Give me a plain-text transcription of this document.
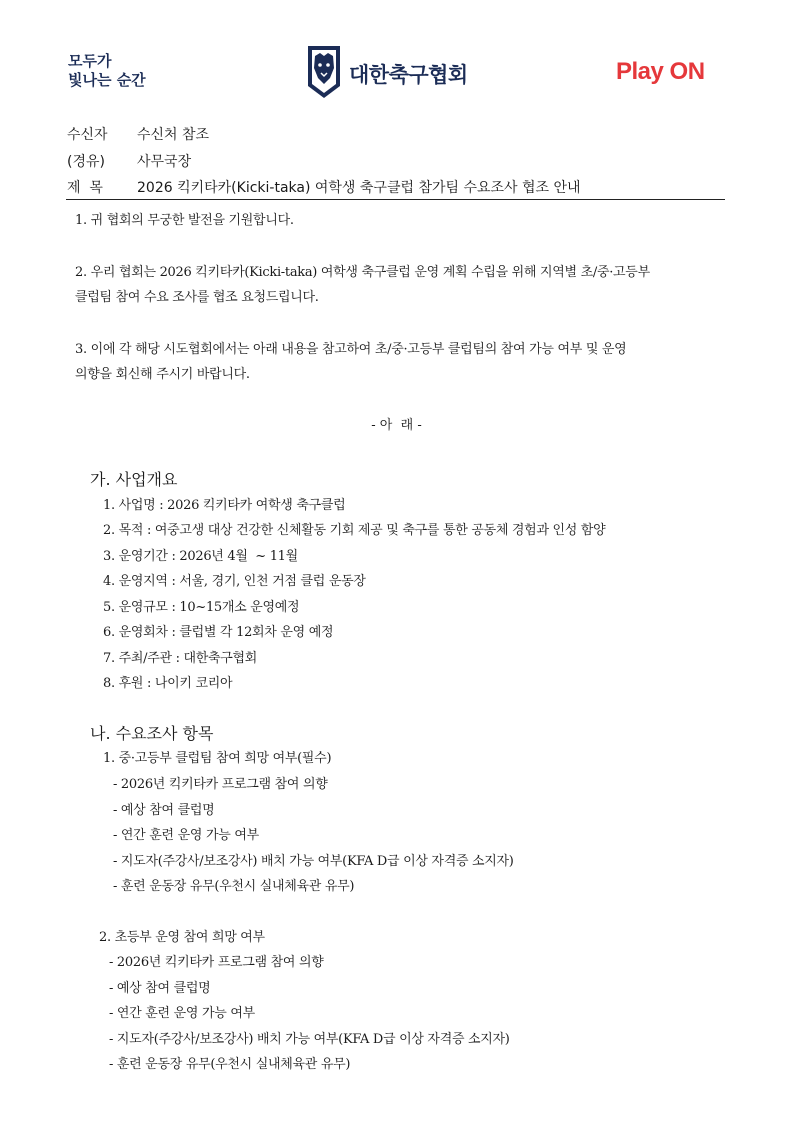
모두가
빛나는 순간	대한축구협회	Play ON
수신자 수신처 참조
(경유) 사무국장
제  목 2026 킥키타카(Kicki-taka) 여학생 축구클럽 참가팀 수요조사 협조 안내
1. 귀 협회의 무궁한 발전을 기원합니다.
2. 우리 협회는 2026 킥키타카(Kicki-taka) 여학생 축구클럽 운영 계획 수립을 위해 지역별 초/중·고등부
클럽팀 참여 수요 조사를 협조 요청드립니다.
3. 이에 각 해당 시도협회에서는 아래 내용을 참고하여 초/중·고등부 클럽팀의 참여 가능 여부 및 운영
의향을 회신해 주시기 바랍니다.
- 아  래 -
가. 사업개요
1. 사업명 : 2026 킥키타카 여학생 축구클럽
2. 목적 : 여중고생 대상 건강한 신체활동 기회 제공 및 축구를 통한 공동체 경험과 인성 함양
3. 운영기간 : 2026년 4월  ~ 11월
4. 운영지역 : 서울, 경기, 인천 거점 클럽 운동장
5. 운영규모 : 10~15개소 운영예정
6. 운영회차 : 클럽별 각 12회차 운영 예정
7. 주최/주관 : 대한축구협회
8. 후원 : 나이키 코리아
나. 수요조사 항목
1. 중·고등부 클럽팀 참여 희망 여부(필수)
- 2026년 킥키타카 프로그램 참여 의향
- 예상 참여 클럽명
- 연간 훈련 운영 가능 여부
- 지도자(주강사/보조강사) 배치 가능 여부(KFA D급 이상 자격증 소지자)
- 훈련 운동장 유무(우천시 실내체육관 유무)
2. 초등부 운영 참여 희망 여부
- 2026년 킥키타카 프로그램 참여 의향
- 예상 참여 클럽명
- 연간 훈련 운영 가능 여부
- 지도자(주강사/보조강사) 배치 가능 여부(KFA D급 이상 자격증 소지자)
- 훈련 운동장 유무(우천시 실내체육관 유무)
